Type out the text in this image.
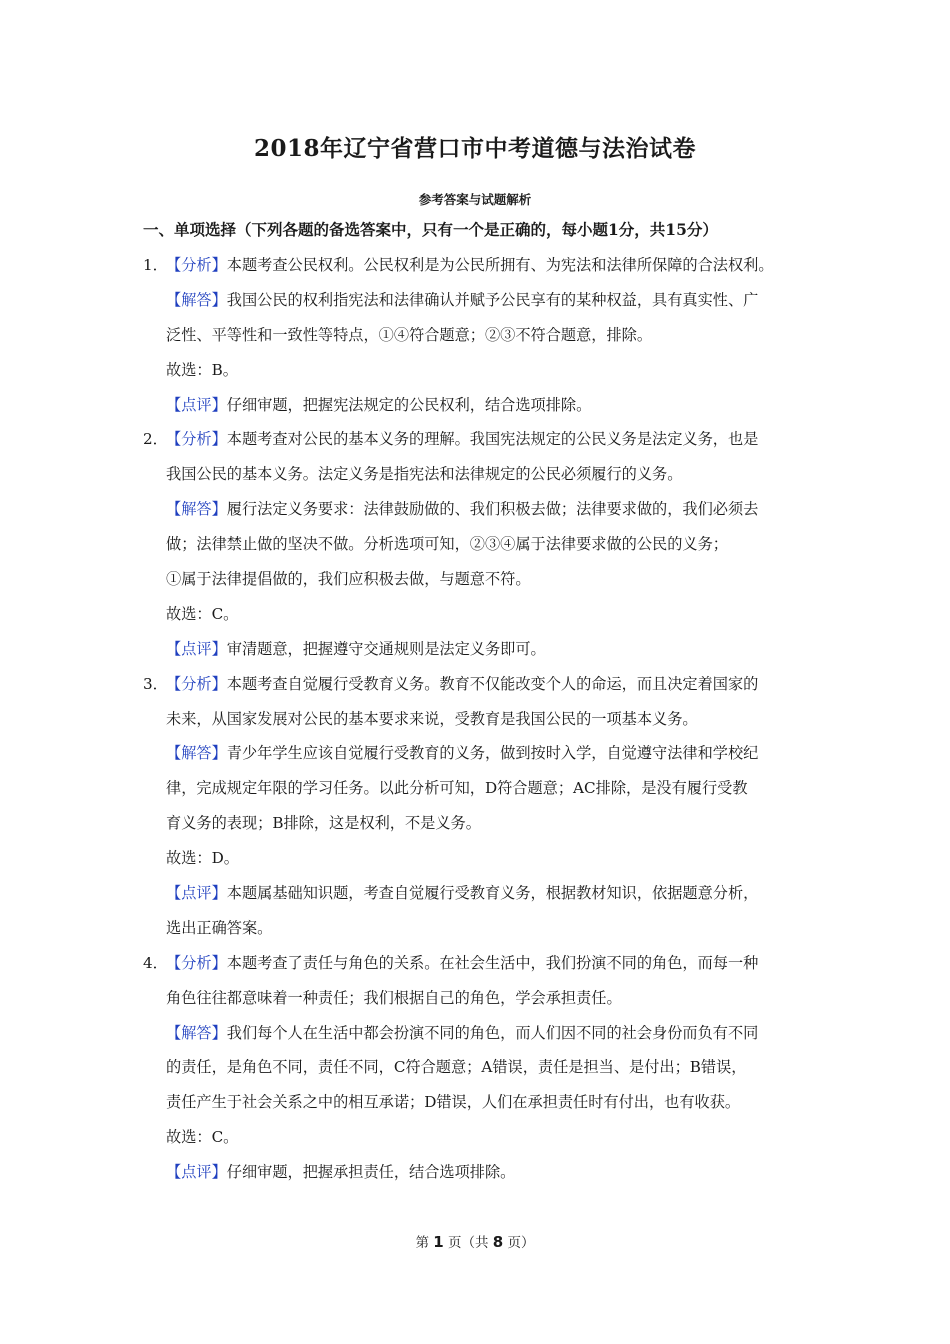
2018年辽宁省营口市中考道德与法治试卷
参考答案与试题解析
一、单项选择（下列各题的备选答案中，只有一个是正确的，每小题1分，共15分）
1．【分析】本题考查公民权利。公民权利是为公民所拥有、为宪法和法律所保障的合法权利。
【解答】我国公民的权利指宪法和法律确认并赋予公民享有的某种权益，具有真实性、广
泛性、平等性和一致性等特点，①④符合题意；②③不符合题意，排除。
故选：B。
【点评】仔细审题，把握宪法规定的公民权利，结合选项排除。
2．【分析】本题考查对公民的基本义务的理解。我国宪法规定的公民义务是法定义务，也是
我国公民的基本义务。法定义务是指宪法和法律规定的公民必须履行的义务。
【解答】履行法定义务要求：法律鼓励做的、我们积极去做；法律要求做的，我们必须去
做；法律禁止做的坚决不做。分析选项可知，②③④属于法律要求做的公民的义务；
①属于法律提倡做的，我们应积极去做，与题意不符。
故选：C。
【点评】审清题意，把握遵守交通规则是法定义务即可。
3．【分析】本题考查自觉履行受教育义务。教育不仅能改变个人的命运，而且决定着国家的
未来，从国家发展对公民的基本要求来说，受教育是我国公民的一项基本义务。
【解答】青少年学生应该自觉履行受教育的义务，做到按时入学，自觉遵守法律和学校纪
律，完成规定年限的学习任务。以此分析可知，D符合题意；AC排除，是没有履行受教
育义务的表现；B排除，这是权利，不是义务。
故选：D。
【点评】本题属基础知识题，考查自觉履行受教育义务，根据教材知识，依据题意分析，
选出正确答案。
4．【分析】本题考查了责任与角色的关系。在社会生活中，我们扮演不同的角色，而每一种
角色往往都意味着一种责任；我们根据自己的角色，学会承担责任。
【解答】我们每个人在生活中都会扮演不同的角色，而人们因不同的社会身份而负有不同
的责任，是角色不同，责任不同，C符合题意；A错误，责任是担当、是付出；B错误，
责任产生于社会关系之中的相互承诺；D错误，人们在承担责任时有付出，也有收获。
故选：C。
【点评】仔细审题，把握承担责任，结合选项排除。
第 1 页（共 8 页）
